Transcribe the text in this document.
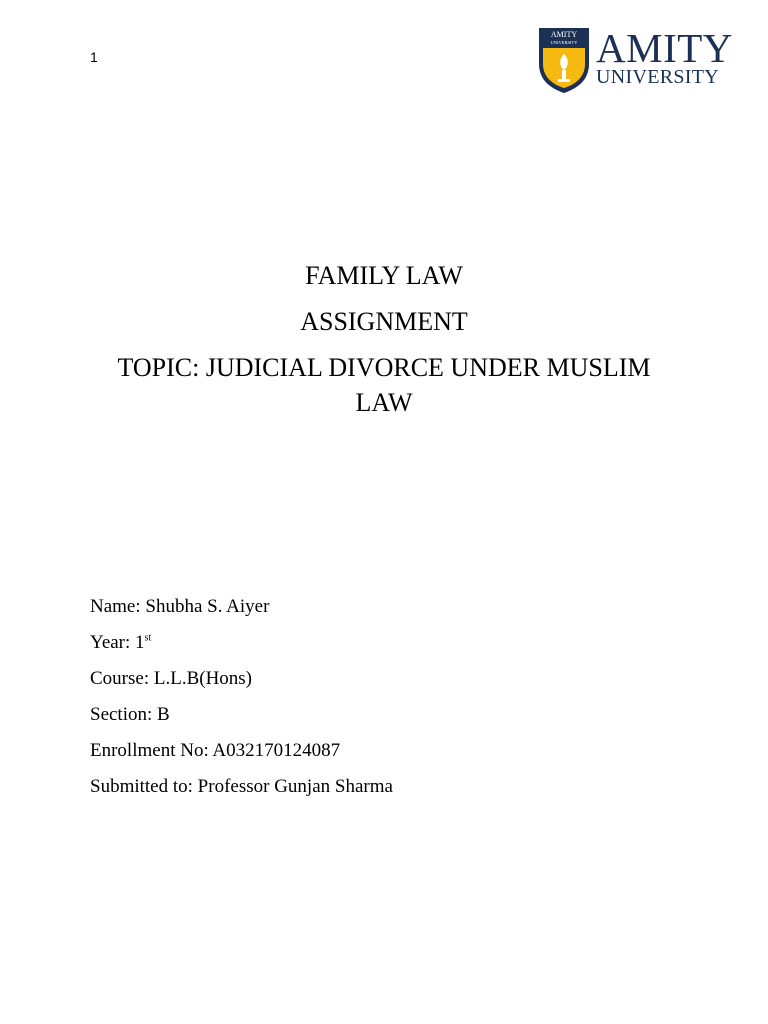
1
AMITY
UNIVERSITY AMITY
UNIVERSITY
FAMILY LAW
ASSIGNMENT
TOPIC: JUDICIAL DIVORCE UNDER MUSLIM LAW
Name: Shubha S. Aiyer
Year: 1st
Course: L.L.B(Hons)
Section: B
Enrollment No: A032170124087
Submitted to: Professor Gunjan Sharma
